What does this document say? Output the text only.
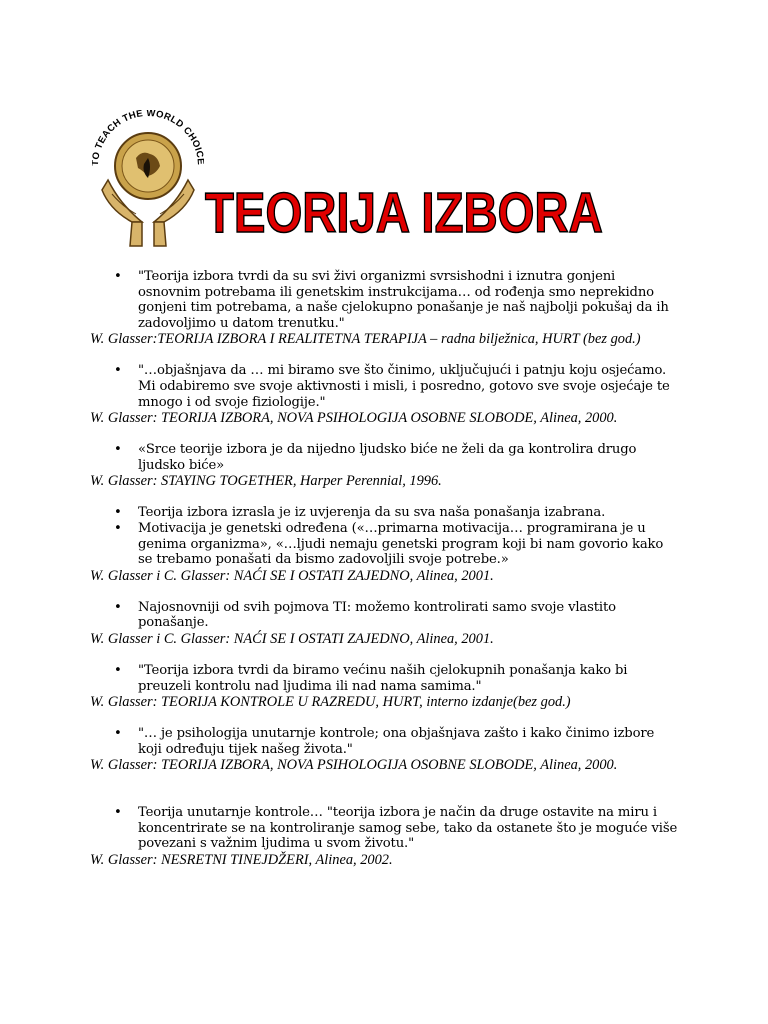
TEACH THE WORLD CHOI
TEORIJA IZBORA
• "Teorija izbora tvrdi da su svi živi organizmi svrsishodni i iznutra gonjeni osnovnim potrebama ili genetskim instrukcijama… od rođenja smo neprekidno gonjeni tim potrebama, a naše cjelokupno ponašanje je naš najbolji pokušaj da ih zadovoljimo u datom trenutku."
W. Glasser:TEORIJA IZBORA I REALITETNA TERAPIJA – radna bilježnica, HURT (bez god.)
• "…objašnjava da … mi biramo sve što činimo, uključujući i patnju koju osjećamo. Mi odabiremo sve svoje aktivnosti i misli, i posredno, gotovo sve svoje osjećaje te mnogo i od svoje fiziologije."
W. Glasser: TEORIJA IZBORA, NOVA PSIHOLOGIJA OSOBNE SLOBODE, Alinea, 2000.
• «Srce teorije izbora je da nijedno ljudsko biće ne želi da ga kontrolira drugo ljudsko biće»
W. Glasser: STAYING TOGETHER, Harper Perennial, 1996.
• Teorija izbora izrasla je iz uvjerenja da su sva naša ponašanja izabrana.
• Motivacija je genetski određena («…primarna motivacija… programirana je u genima organizma», «…ljudi nemaju genetski program koji bi nam govorio kako se trebamo ponašati da bismo zadovoljili svoje potrebe.»
W. Glasser i C. Glasser: NAĆI SE I OSTATI ZAJEDNO, Alinea, 2001.
• Najosnovniji od svih pojmova TI: možemo kontrolirati samo svoje vlastito ponašanje.
W. Glasser i C. Glasser: NAĆI SE I OSTATI ZAJEDNO, Alinea, 2001.
• "Teorija izbora tvrdi da biramo većinu naših cjelokupnih ponašanja kako bi preuzeli kontrolu nad ljudima ili nad nama samima."
W. Glasser: TEORIJA KONTROLE U RAZREDU, HURT, interno izdanje(bez god.)
• "… je psihologija unutarnje kontrole; ona objašnjava zašto i kako činimo izbore koji određuju tijek našeg života."
W. Glasser: TEORIJA IZBORA, NOVA PSIHOLOGIJA OSOBNE SLOBODE, Alinea, 2000.
• Teorija unutarnje kontrole… "teorija izbora je način da druge ostavite na miru i koncentrirate se na kontroliranje samog sebe, tako da ostanete što je moguće više povezani s važnim ljudima u svom životu."
W. Glasser: NESRETNI TINEJDŽERI, Alinea, 2002.
